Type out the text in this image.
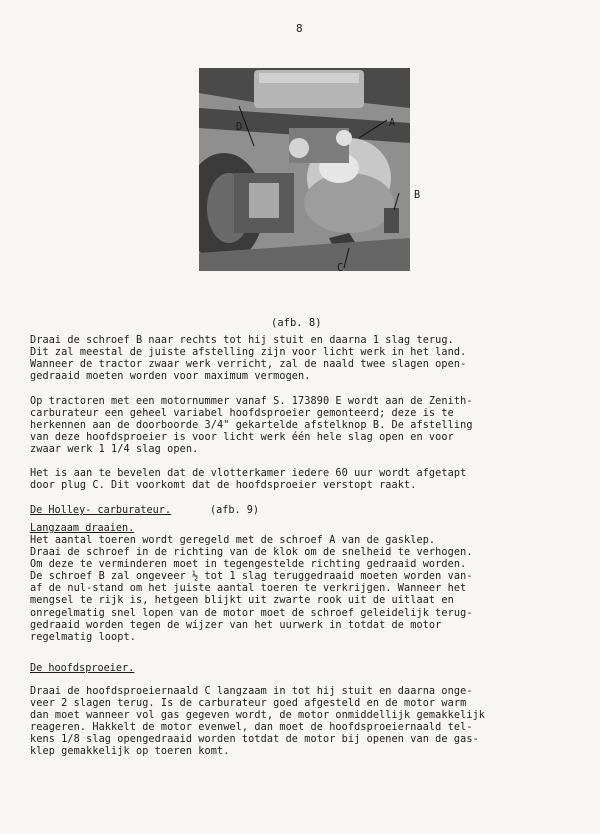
8
D	A
B
C
(afb. 8)
Draai de schroef B naar rechts tot hij stuit en daarna 1 slag terug.
Dit zal meestal de juiste afstelling zijn voor licht werk in het land.
Wanneer de tractor zwaar werk verricht, zal de naald twee slagen open-
gedraaid moeten worden voor maximum vermogen.
Op tractoren met een motornummer vanaf S. 173890 E wordt aan de Zenith-
carburateur een geheel variabel hoofdsproeier gemonteerd; deze is te
herkennen aan de doorboorde 3/4" gekartelde afstelknop B. De afstelling
van deze hoofdsproeier is voor licht werk één hele slag open en voor
zwaar werk 1 1/4 slag open.
Het is aan te bevelen dat de vlotterkamer iedere 60 uur wordt afgetapt
door plug C. Dit voorkomt dat de hoofdsproeier verstopt raakt.
De Holley- carburateur.	(afb. 9)
Langzaam draaien.
Het aantal toeren wordt geregeld met de schroef A van de gasklep.
Draai de schroef in de richting van de klok om de snelheid te verhogen.
Om deze te verminderen moet in tegengestelde richting gedraaid worden.
De schroef B zal ongeveer ½ tot 1 slag teruggedraaid moeten worden van-
af de nul-stand om het juiste aantal toeren te verkrijgen. Wanneer het
mengsel te rijk is, hetgeen blijkt uit zwarte rook uit de uitlaat en
onregelmatig snel lopen van de motor moet de schroef geleidelijk terug-
gedraaid worden tegen de wijzer van het uurwerk in totdat de motor
regelmatig loopt.
De hoofdsproeier.
Draai de hoofdsproeiernaald C langzaam in tot hij stuit en daarna onge-
veer 2 slagen terug. Is de carburateur goed afgesteld en de motor warm
dan moet wanneer vol gas gegeven wordt, de motor onmiddellijk gemakkelijk
reageren. Hakkelt de motor evenwel, dan moet de hoofdsproeiernaald tel-
kens 1/8 slag opengedraaid worden totdat de motor bij openen van de gas-
klep gemakkelijk op toeren komt.
